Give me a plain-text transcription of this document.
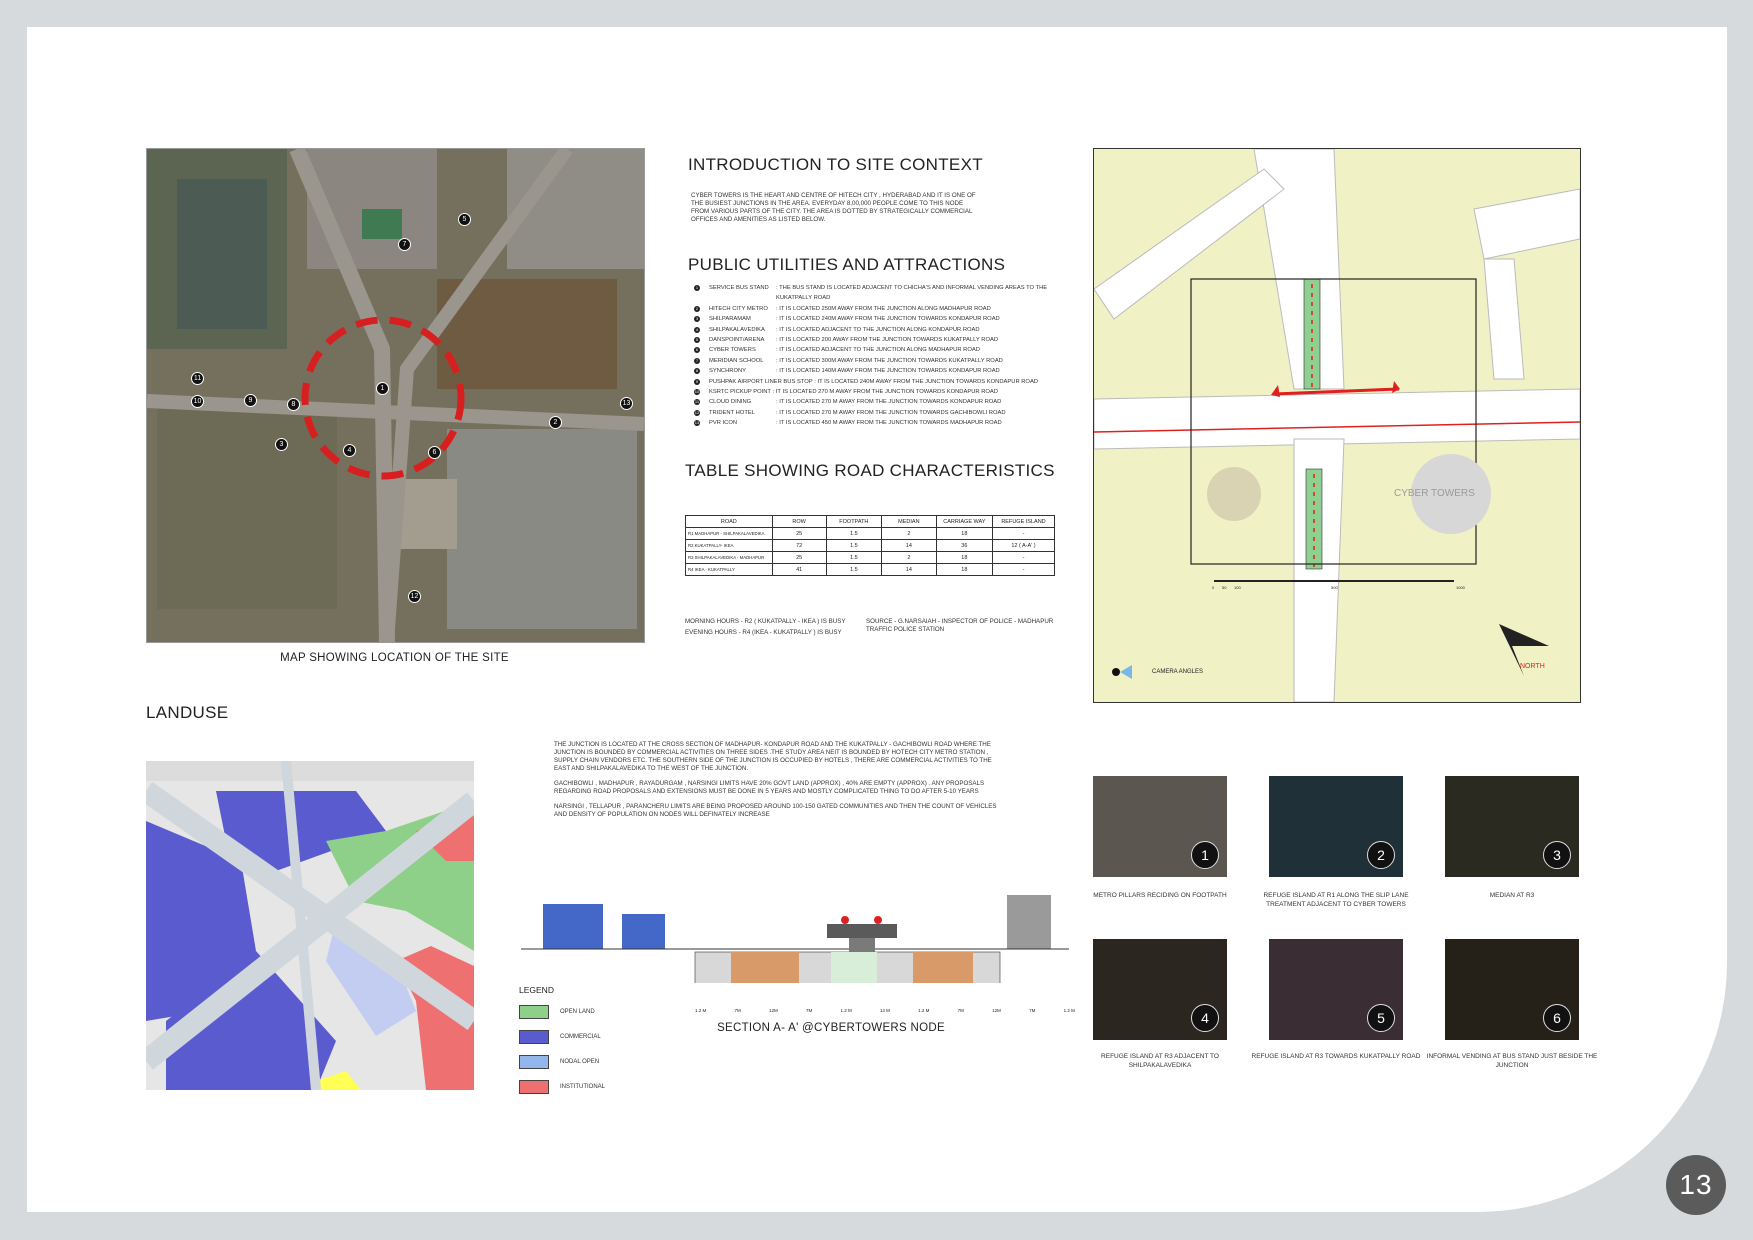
1
2
3
4
5
6
7
8
9
10
11
12
13
MAP SHOWING LOCATION OF THE SITE
INTRODUCTION TO SITE CONTEXT

CYBER TOWERS IS THE HEART AND CENTRE OF HITECH CITY , HYDERABAD AND IT IS ONE OF THE BUSIEST JUNCTIONS IN THE AREA. EVERYDAY 8,00,000 PEOPLE COME TO THIS NODE FROM VARIOUS PARTS OF THE CITY. THE AREA IS DOTTED BY STRATEGICALLY COMMERCIAL OFFICES AND AMENITIES AS LISTED BELOW.

PUBLIC UTILITIES AND ATTRACTIONS
1	SERVICE BUS STAND	: THE BUS STAND IS LOCATED ADJACENT TO CHICHA'S AND INFORMAL VENDING AREAS TO THE KUKATPALLY ROAD
2	HITECH CITY METRO	: IT IS LOCATED 250M AWAY FROM THE JUNCTION ALONG MADHAPUR ROAD
3	SHILPARAMAM	: IT IS LOCATED 240M AWAY FROM THE JUNCTION TOWARDS KONDAPUR ROAD
4	SHILPAKALAVEDIKA	: IT IS LOCATED ADJACENT TO THE JUNCTION ALONG KONDAPUR ROAD
5	DANSPOINT/ARENA	: IT IS LOCATED 200 AWAY FROM THE JUNCTION TOWARDS KUKATPALLY ROAD
6	CYBER TOWERS	: IT IS LOCATED ADJACENT TO THE JUNCTION ALONG MADHAPUR ROAD
7	MERIDIAN SCHOOL	: IT IS LOCATED 300M AWAY FROM THE JUNCTION TOWARDS KUKATPALLY ROAD
8	SYNCHRONY	: IT IS LOCATED 140M AWAY FROM THE JUNCTION TOWARDS KONDAPUR ROAD
9	PUSHPAK AIRPORT LINER BUS STOP
: IT IS LOCATED 240M AWAY FROM THE JUNCTION TOWARDS KONDAPUR ROAD
10 KSRTC PICKUP POINT
: IT IS LOCATED 270 M AWAY FROM THE JUNCTION TOWARDS KONDAPUR ROAD
11 CLOUD DINING	: IT IS LOCATED 270 M AWAY FROM THE JUNCTION TOWARDS KONDAPUR ROAD
12 TRIDENT HOTEL	: IT IS LOCATED 270 M AWAY FROM THE JUNCTION TOWARDS GACHIBOWLI ROAD
13 PVR ICON	: IT IS LOCATED 450 M AWAY FROM THE JUNCTION TOWARDS MADHAPUR ROAD
TABLE SHOWING ROAD CHARACTERISTICS
ROAD	ROW	FOOTPATH	MEDIAN	CARRIAGE WAY	REFUGE ISLAND
R1 MADHAPUR - SHILPAKALAVEDIKA	25	1.5	2	18	-
R2 KUKATPALLY- IKEA	72	1.5	14	36	12 ( A-A' )
R3 SHILPAKALAVEDIKA - MADHAPUR	25	1.5	2	18	-
R4 IKEA - KUKATPALLY	41	1.5	14	18	-
MORNING HOURS - R2 ( KUKATPALLY - IKEA ) IS BUSY
EVENING HOURS - R4 (IKEA - KUKATPALLY ) IS BUSY
SOURCE - G.NARSAIAH - INSPECTOR OF POLICE - MADHAPUR TRAFFIC POLICE STATION
CYBER TOWERS
0 50 100	500	1000
CAMERA ANGLES
NORTH
LANDUSE
LEGEND
OPEN LAND
COMMERCIAL
NODAL OPEN
INSTITUTIONAL

THE JUNCTION IS LOCATED AT THE CROSS SECTION OF MADHAPUR- KONDAPUR ROAD AND THE KUKATPALLY - GACHIBOWLI ROAD WHERE THE JUNCTION IS BOUNDED BY COMMERCIAL ACTIVITIES ON THREE SIDES .THE STUDY AREA NEIT IS BOUNDED BY HOTECH CITY METRO STATION , SUPPLY CHAIN VENDORS ETC. THE SOUTHERN SIDE OF THE JUNCTION IS OCCUPIED BY HOTELS , THERE ARE COMMERCIAL ACTIVITIES TO THE EAST AND SHILPAKALAVEDIKA TO THE WEST OF THE JUNCTION.

GACHIBOWLI , MADHAPUR , RAYADURGAM , NARSINGI LIMITS HAVE 20% GOVT LAND (APPROX) , 40% ARE EMPTY (APPROX) . ANY PROPOSALS REGARDING ROAD PROPOSALS AND EXTENSIONS MUST BE DONE IN 5 YEARS AND MOSTLY COMPLICATED THING TO DO AFTER 5-10 YEARS

NARSINGI , TELLAPUR , PARANCHERU LIMITS ARE BEING PROPOSED AROUND 100-150 GATED COMMUNITIES AND THEN THE COUNT OF VEHICLES AND DENSITY OF POPULATION ON NODES WILL DEFINATELY INCREASE

1.2 M	7M	12M	7M	1.2 M	14 M	1.2 M	7M	12M	7M	1.2 M
SECTION A- A' @CYBERTOWERS NODE
1	2	3
4	5	6
METRO PILLARS RECIDING ON FOOTPATH	REFUGE ISLAND AT R1 ALONG THE SLIP LANE TREATMENT ADJACENT TO CYBER TOWERS
MEDIAN AT R3
REFUGE ISLAND AT R3 ADJACENT TO SHILPAKALAVEDIKA
REFUGE ISLAND AT R3 TOWARDS KUKATPALLY ROAD INFORMAL VENDING AT BUS STAND JUST BESIDE THE JUNCTION
13
